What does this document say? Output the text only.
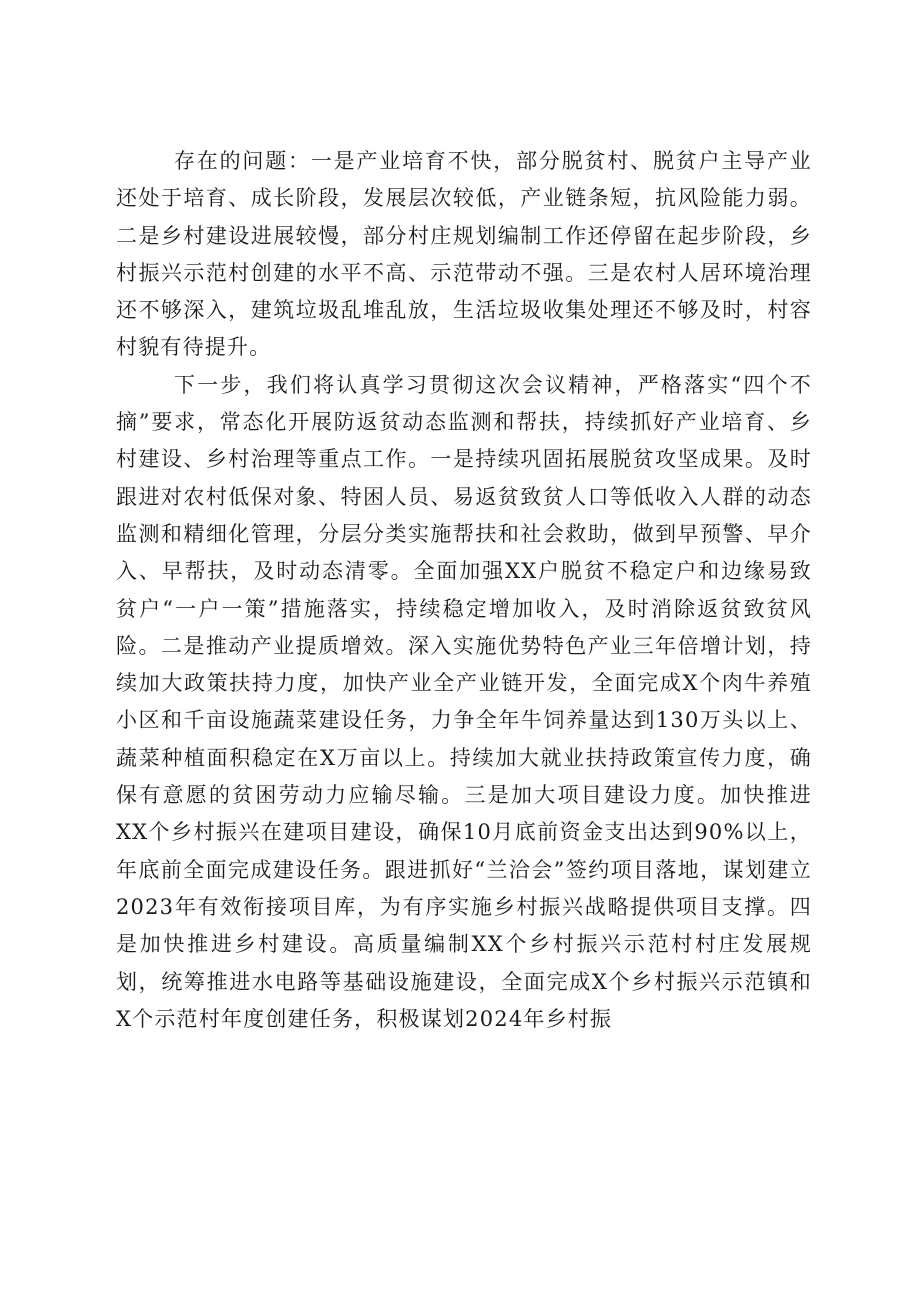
存在的问题：一是产业培育不快，部分脱贫村、脱贫户主导产业还处于培育、成长阶段，发展层次较低，产业链条短，抗风险能力弱。二是乡村建设进展较慢，部分村庄规划编制工作还停留在起步阶段，乡村振兴示范村创建的水平不高、示范带动不强。三是农村人居环境治理还不够深入，建筑垃圾乱堆乱放，生活垃圾收集处理还不够及时，村容村貌有待提升。

下一步，我们将认真学习贯彻这次会议精神，严格落实“四个不摘”要求，常态化开展防返贫动态监测和帮扶，持续抓好产业培育、乡村建设、乡村治理等重点工作。一是持续巩固拓展脱贫攻坚成果。及时跟进对农村低保对象、特困人员、易返贫致贫人口等低收入人群的动态监测和精细化管理，分层分类实施帮扶和社会救助，做到早预警、早介入、早帮扶，及时动态清零。全面加强XX户脱贫不稳定户和边缘易致贫户“一户一策”措施落实，持续稳定增加收入，及时消除返贫致贫风险。二是推动产业提质增效。深入实施优势特色产业三年倍增计划，持续加大政策扶持力度，加快产业全产业链开发，全面完成X个肉牛养殖小区和千亩设施蔬菜建设任务，力争全年牛饲养量达到130万头以上、蔬菜种植面积稳定在X万亩以上。持续加大就业扶持政策宣传力度，确保有意愿的贫困劳动力应输尽输。三是加大项目建设力度。加快推进XX个乡村振兴在建项目建设，确保10月底前资金支出达到90%以上，年底前全面完成建设任务。跟进抓好“兰洽会”签约项目落地，谋划建立2023年有效衔接项目库，为有序实施乡村振兴战略提供项目支撑。四是加快推进乡村建设。高质量编制XX个乡村振兴示范村村庄发展规划，统筹推进水电路等基础设施建设，全面完成X个乡村振兴示范镇和X个示范村年度创建任务，积极谋划2024年乡村振
